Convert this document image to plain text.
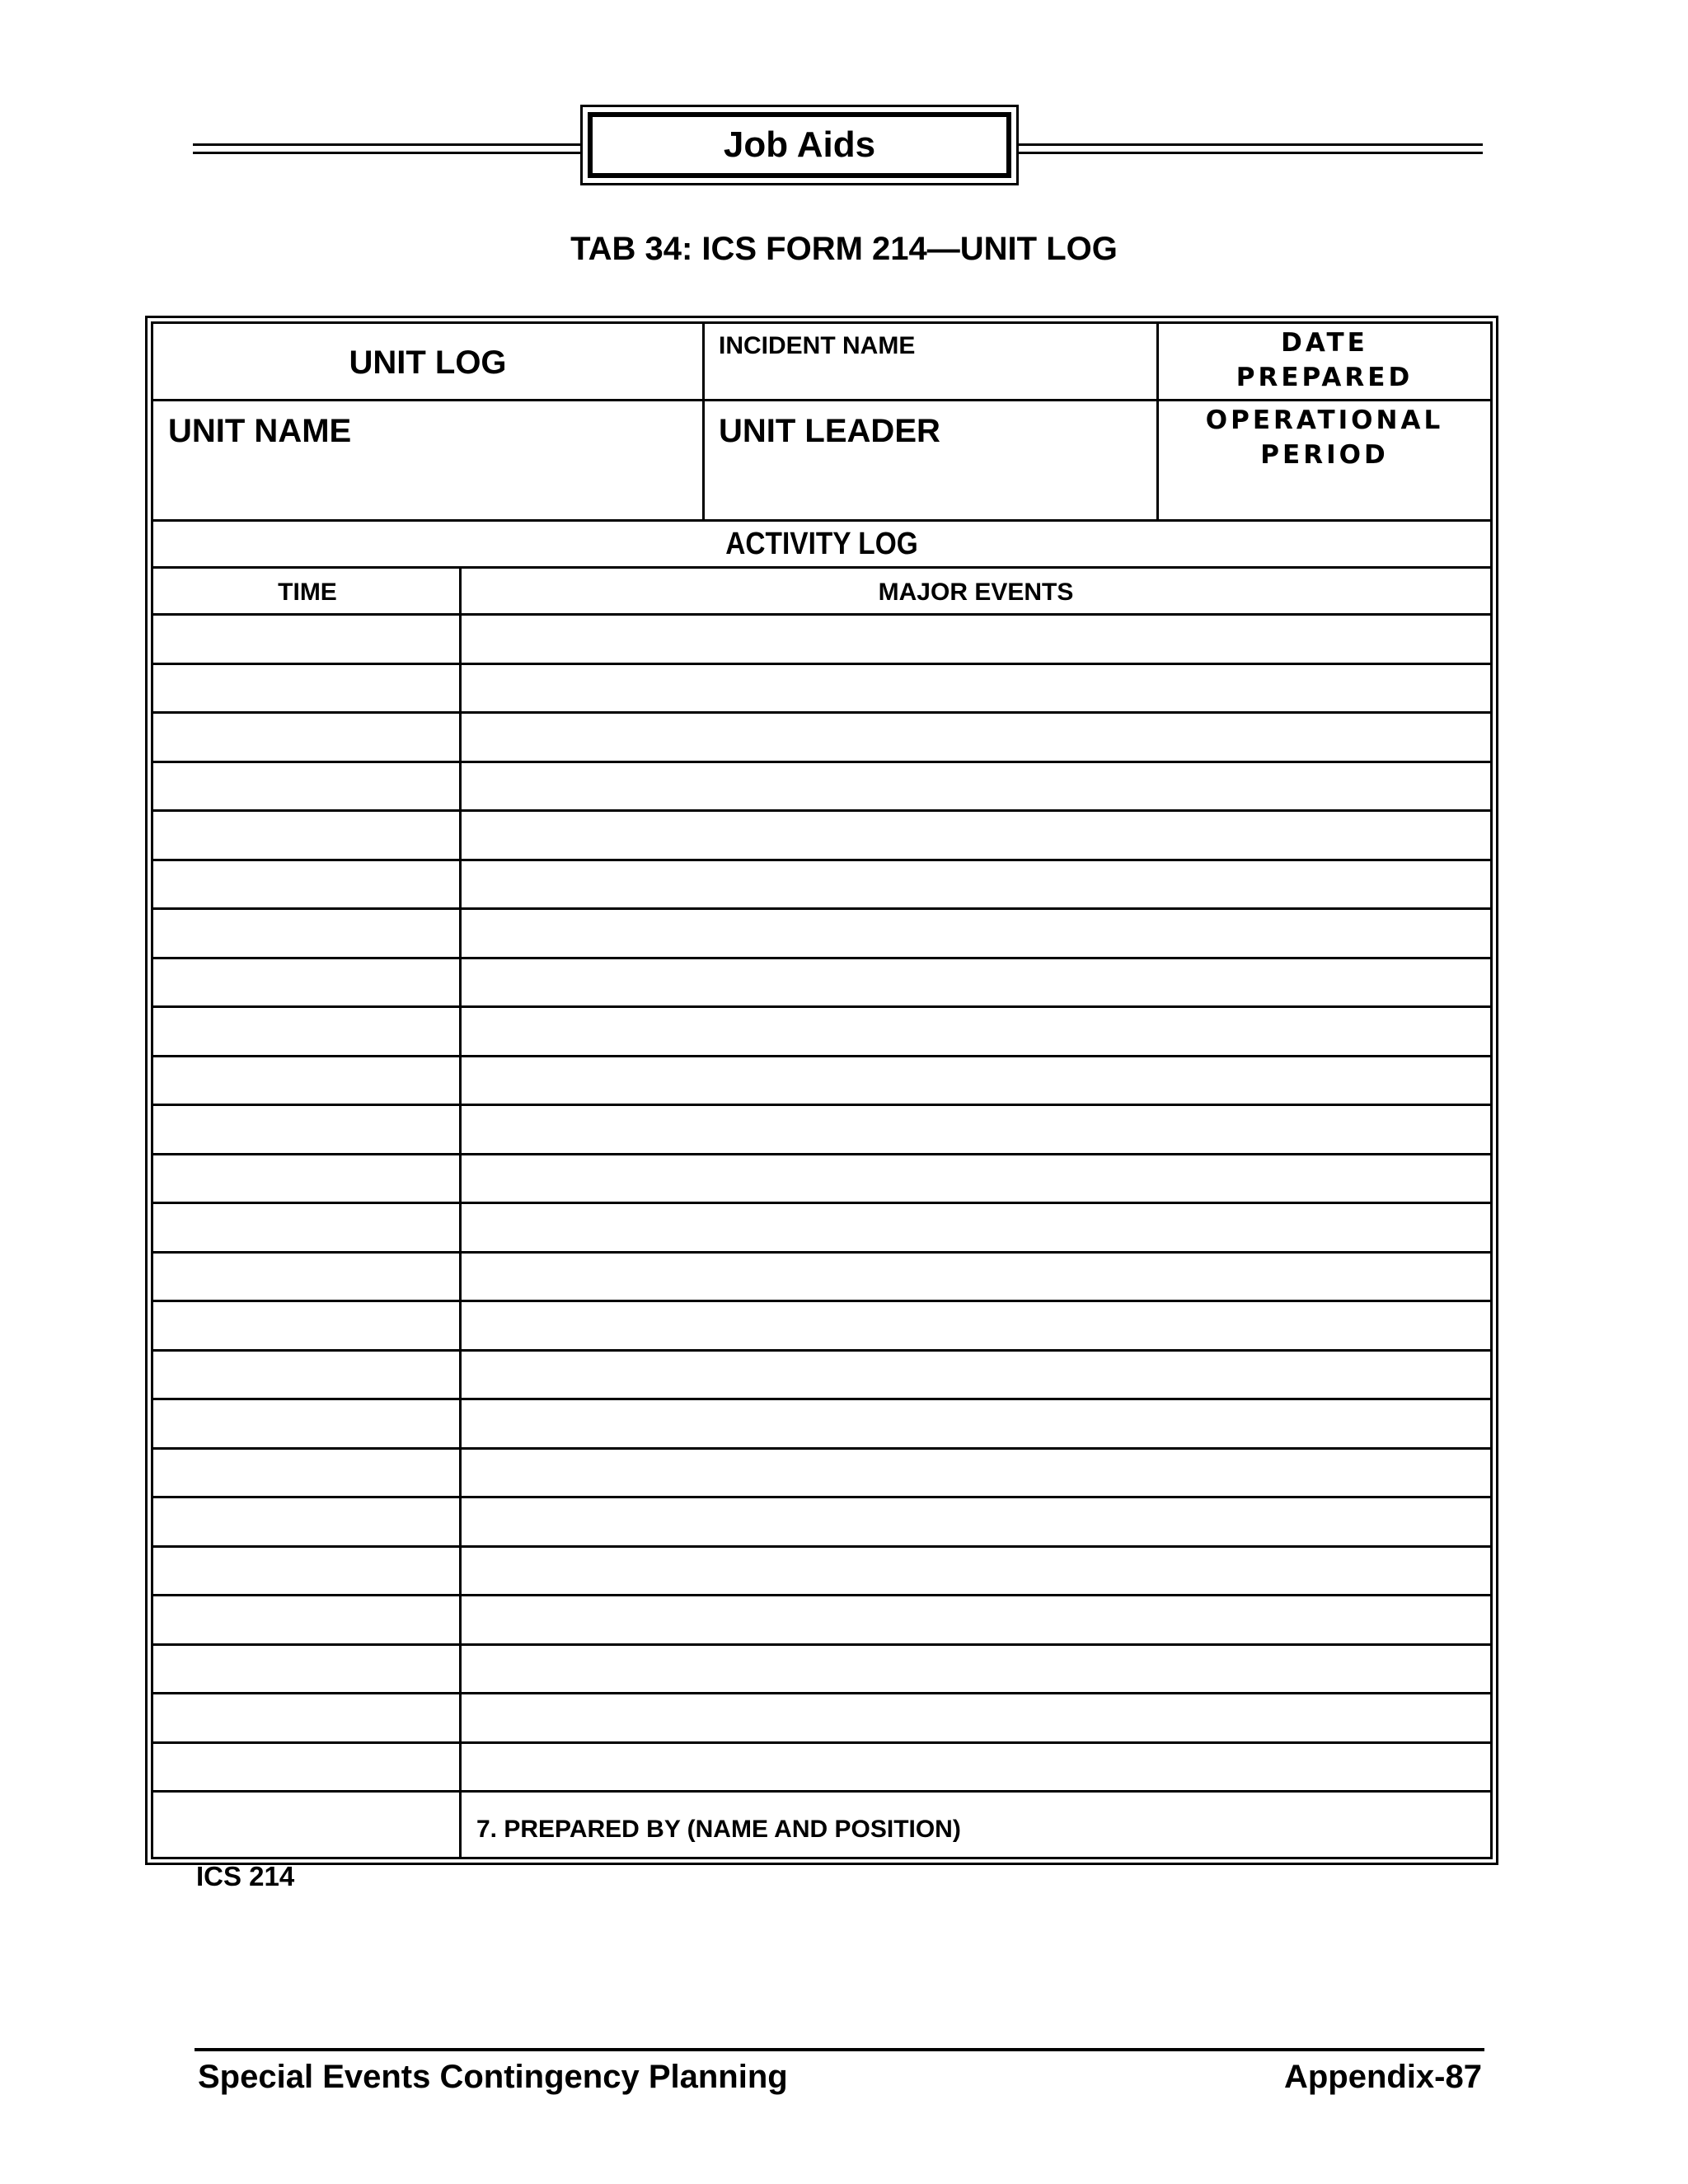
Job Aids
TAB 34: ICS FORM 214—UNIT LOG
UNIT LOG	INCIDENT NAME	DATE
PREPARED
UNIT NAME	UNIT LEADER	OPERATIONAL
PERIOD
ACTIVITY LOG
TIME	MAJOR EVENTS
7. PREPARED BY (NAME AND POSITION)
ICS 214
Special Events Contingency Planning	Appendix-87
